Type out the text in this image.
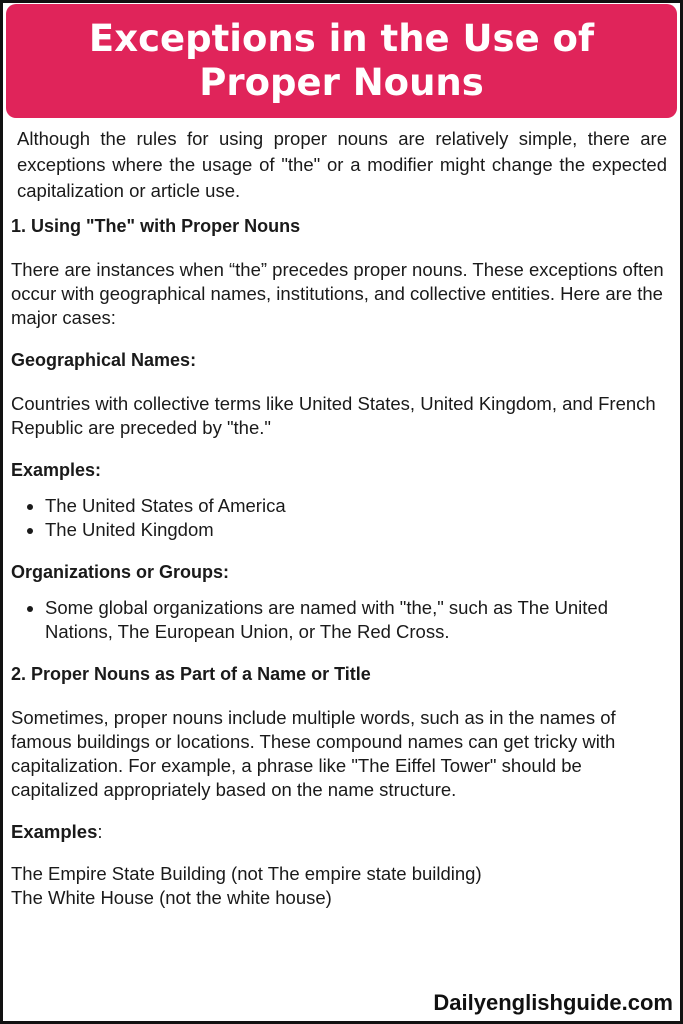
Exceptions in the Use of Proper Nouns

Although the rules for using proper nouns are relatively simple, there are exceptions where the usage of "the" or a modifier might change the expected capitalization or article use.

1. Using "The" with Proper Nouns

There are instances when “the” precedes proper nouns. These exceptions often occur with geographical names, institutions, and collective entities. Here are the major cases:

Geographical Names:

Countries with collective terms like United States, United Kingdom, and French Republic are preceded by "the."

Examples:

• The United States of America
• The United Kingdom

Organizations or Groups:

• Some global organizations are named with "the," such as The United Nations, The European Union, or The Red Cross.

2. Proper Nouns as Part of a Name or Title

Sometimes, proper nouns include multiple words, such as in the names of famous buildings or locations. These compound names can get tricky with capitalization. For example, a phrase like "The Eiffel Tower" should be capitalized appropriately based on the name structure.

Examples:

The Empire State Building (not The empire state building)

The White House (not the white house)

Dailyenglishguide.com
